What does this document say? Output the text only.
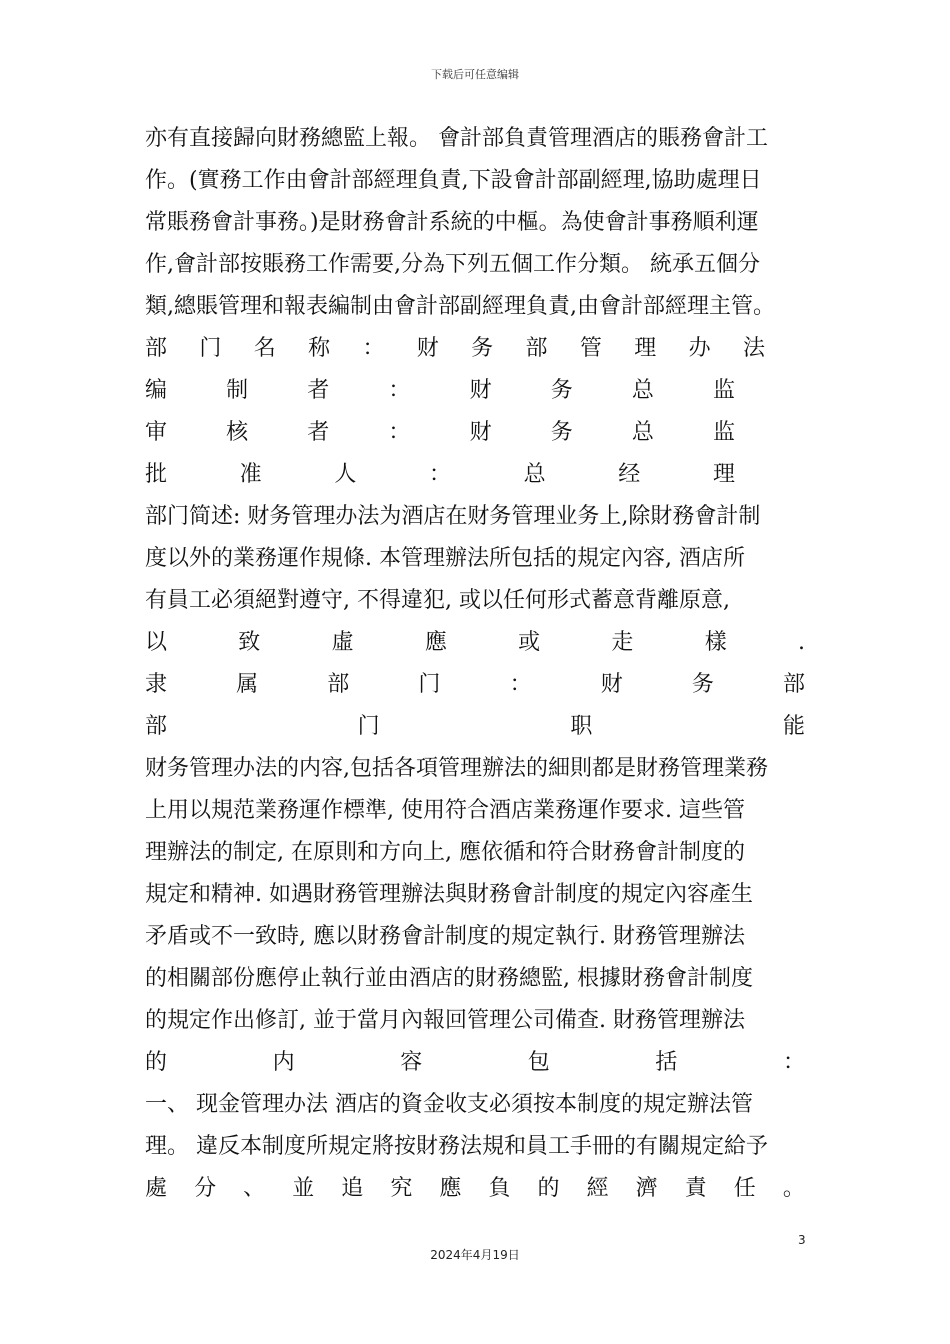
下载后可任意编辑
亦有直接歸向財務總監上報。 會計部負責管理酒店的賬務會計工
作。(實務工作由會計部經理負責,下設會計部副經理,協助處理日
常賬務會計事務。)是財務會計系統的中樞。為使會計事務順利運
作,會計部按賬務工作需要,分為下列五個工作分類。 統承五個分
類,總賬管理和報表編制由會計部副經理負責,由會計部經理主管。
部 门 名 称 ： 财 务 部 管 理 办 法
编	制	者	：	财	务	总	监
审	核	者	：	财	务	总	监
批	准	人	：	总	经	理
部门简述: 财务管理办法为酒店在财务管理业务上,除財務會計制
度以外的業務運作規條. 本管理辦法所包括的規定內容, 酒店所
有員工必須絕對遵守, 不得違犯, 或以任何形式蓄意背離原意,
以	致	虛	應	或	走	樣	.
隶	属	部	门	：	财	务	部
部	门	职	能
财务管理办法的内容,包括各項管理辦法的細則都是財務管理業務
上用以規范業務運作標準, 使用符合酒店業務運作要求. 這些管
理辦法的制定, 在原則和方向上, 應依循和符合財務會計制度的
規定和精神. 如遇財務管理辦法與財務會計制度的規定內容產生
矛盾或不一致時, 應以財務會計制度的規定執行. 財務管理辦法
的相關部份應停止執行並由酒店的財務總監, 根據財務會計制度
的規定作出修訂, 並于當月內報回管理公司備查. 財務管理辦法
的	内	容	包	括	：
一、 现金管理办法 酒店的資金收支必須按本制度的規定辦法管
理。 違反本制度所規定將按財務法規和員工手冊的有關規定給予
處 分 、 並 追 究 應 負 的 經 濟 責 任 。
3
2024年4月19日
